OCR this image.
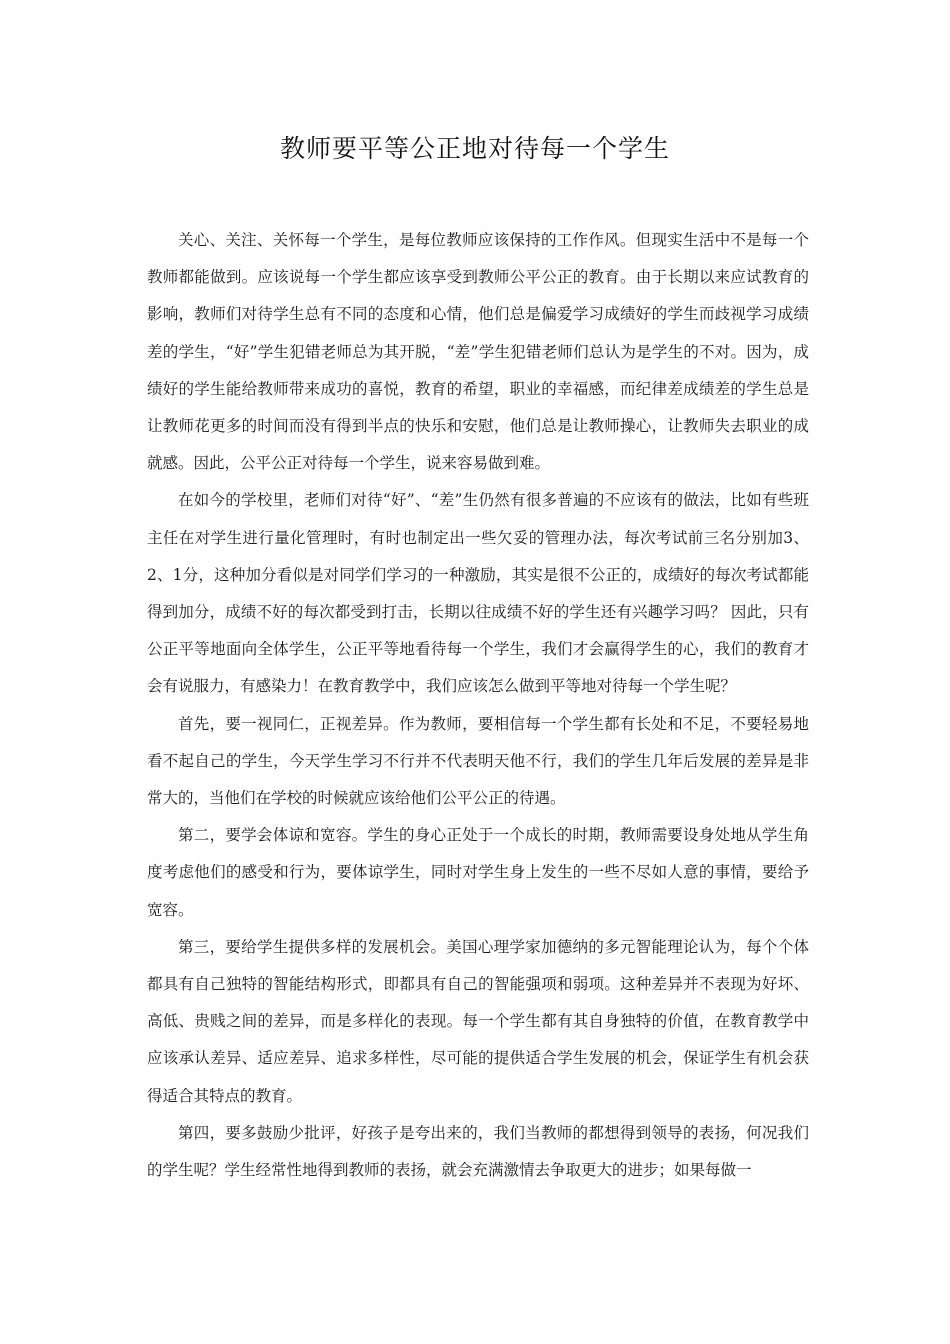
教师要平等公正地对待每一个学生

关心、关注、关怀每一个学生，是每位教师应该保持的工作作风。但现实生活中不是每一个教师都能做到。应该说每一个学生都应该享受到教师公平公正的教育。由于长期以来应试教育的影响，教师们对待学生总有不同的态度和心情，他们总是偏爱学习成绩好的学生而歧视学习成绩差的学生，“好”学生犯错老师总为其开脱，“差”学生犯错老师们总认为是学生的不对。因为，成绩好的学生能给教师带来成功的喜悦，教育的希望，职业的幸福感，而纪律差成绩差的学生总是让教师花更多的时间而没有得到半点的快乐和安慰，他们总是让教师操心，让教师失去职业的成就感。因此，公平公正对待每一个学生，说来容易做到难。

在如今的学校里，老师们对待“好”、“差”生仍然有很多普遍的不应该有的做法，比如有些班主任在对学生进行量化管理时，有时也制定出一些欠妥的管理办法，每次考试前三名分别加3、2、1分，这种加分看似是对同学们学习的一种激励，其实是很不公正的，成绩好的每次考试都能得到加分，成绩不好的每次都受到打击，长期以往成绩不好的学生还有兴趣学习吗？ 因此，只有公正平等地面向全体学生，公正平等地看待每一个学生，我们才会赢得学生的心，我们的教育才会有说服力，有感染力！在教育教学中，我们应该怎么做到平等地对待每一个学生呢？

首先，要一视同仁，正视差异。作为教师，要相信每一个学生都有长处和不足，不要轻易地看不起自己的学生，今天学生学习不行并不代表明天他不行，我们的学生几年后发展的差异是非常大的，当他们在学校的时候就应该给他们公平公正的待遇。

第二，要学会体谅和宽容。学生的身心正处于一个成长的时期，教师需要设身处地从学生角度考虑他们的感受和行为，要体谅学生，同时对学生身上发生的一些不尽如人意的事情，要给予宽容。

第三，要给学生提供多样的发展机会。美国心理学家加德纳的多元智能理论认为，每个个体都具有自己独特的智能结构形式，即都具有自己的智能强项和弱项。这种差异并不表现为好坏、高低、贵贱之间的差异，而是多样化的表现。每一个学生都有其自身独特的价值，在教育教学中应该承认差异、适应差异、追求多样性，尽可能的提供适合学生发展的机会，保证学生有机会获得适合其特点的教育。

第四，要多鼓励少批评，好孩子是夸出来的，我们当教师的都想得到领导的表扬，何况我们的学生呢？学生经常性地得到教师的表扬，就会充满激情去争取更大的进步；如果每做一
